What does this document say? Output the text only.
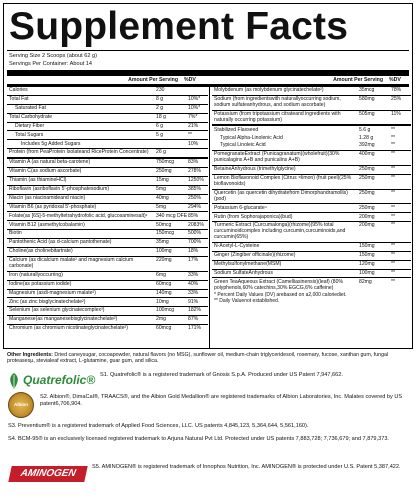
Supplement Facts
Serving Size 2 Scoops (about 62 g)
Servings Per Container: About 14
Amount Per Serving	%DV	Amount Per Serving	%DV
Calories	230
Total Fat	8 g	10%*
Saturated Fat	2 g	10%*
Total Carbohydrate	18 g	7%*
Dietary Fiber	6 g	21%
Total Sugars	5 g	**
Includes 5g Added Sugars	10%
Protein (from PeaProtein Isolateand RiceProtein Concentrate)	26 g
Vitamin A (as natural beta-carotene)	750mcg	83%
Vitamin C(as sodium ascorbate)	250mg	278%
Thiamin (as thiamineHCl)	15mg	1250%
Riboflavin (asriboflavin 5'-phosphatesodium)	5mg	385%
Niacin (as niacinamideand niacin)	40mg	250%
Vitamin B6 (as pyridoxal 5'-phosphate)	5mg	294%
Folate(as [6S]-5-methyltetrahydrofolic acid, glucosaminesalt)¹	340 mcg DFE 85%
Vitamin B12 (asmethylcobalamin)	50mcg	2083%
Biotin	150mcg	500%
Pantothenic Acid (as d-calcium pantothenate)	35mg	700%
Choline(as cholinebitartrate)	100mg	18%
Calcium (as dicalcium malate² and magnesium calcium carbonate)
220mg	17%
Iron (naturallyoccurring)	6mg	33%
Iodine(as potassium iodide)	60mcg	40%
Magnesium (asdi-magnesium malate²)	140mg	33%
Zinc (as zinc bisglycinatechelate²)	10mg	91%
Selenium (as selenium glycinatecomplex³)	100mcg	182%
Manganese(as manganesebisglycinatechelate²)	2mg	87%
Chromium (as chromium nicotinateglycinatechelate²)	60mcg	171%
Molybdenum (as molybdenum glycinatechelate²)	35mcg	78%
Sodium (from ingredientswith naturallyoccurring sodium, sodium sulfateanhydrous, and sodium ascorbate)
580mg	25%
Potassium (from tripotassium citrateand ingredients with naturally occurring potassium)
505mg	11%
Stabilized Flaxseed	5.6 g	**
Typical Alpha-Linolenic Acid	1.28 g	**
Typical Linoleic Acid	392mg	**
PomegranateExtract (Punicagranatum)(wholefruit)(30% punicalagins A+B and punicalins A+B)
400mg	**
BetaineAnhydrous (trimethylglycine)	250mg	**
Lemon Bioflavonoid Complex (Citrus ×limon) (fruit peel)(25% bioflavonoids)
250mg	**
Quercetin (as quercetin dihydratefrom Dimorphandramollis)(pod)
250mg	**
Potassium 6-glucarate⁴	250mg	**
Rutin (from Sophorajaponica)(bud)	200mg	**
Turmeric Extract (Curcumalonga)(rhizome)(95% total curcuminoidcomplex including curcumin,curcuminoids,and curcumin(65%)
200mg	**
N-Acetyl-L-Cysteine	150mg	**
Ginger (Zingiber officinale)(rhizome)	150mg	**
Methylsulfonylmethane(MSM)	120mg	**
Sodium SulfateAnhydrous	100mg	**
Green TeaAqueous Extract (Camelliasinensis)(leaf) (80% polyphenols,60% catechins,30% EGCG,6% caffeine)
82mg	**
* Percent Daily Values (DV) arebased on a2,000 caloriediet.
** Daily Valuenot established.
Other Ingredients: Dried caneysugar, cocoapowder, natural flavors (no MSG), sunflower oil, medium-chain triglyceridesoil, rosemary, fucose, xanthan gum, fungal proteasesµ, stevialeaf extract, L-glutamine, guar gum, and silica.
Quatrefolic® S1. Quatrefolic® is a registered trademark of Gnosis S.p.A. Produced under US Patent 7,947,662.
Albion
S2. Albion®, DimaCal®, TRAACS®, and the Albion Gold Medallion® are registered trademarks of Albion Laboratories, Inc. Malates covered by US patent6,706,904.
S3. Preventium® is a registered trademark of Applied Food Sciences, LLC. US patents 4,845,123, 5,364,644, 5,561,160).
S4. BCM-95® is an exclusively licensed registered trademark to Arjuna Natural Pvt Ltd. Protected under US patents 7,883,728; 7,736,679; and 7,879,373.
S5. AMINOGEN® is registered trademark of Innophos Nutrition, Inc. AMINOGEN® is protected under U.S. Patent 5,387,422.
AMINOGEN
